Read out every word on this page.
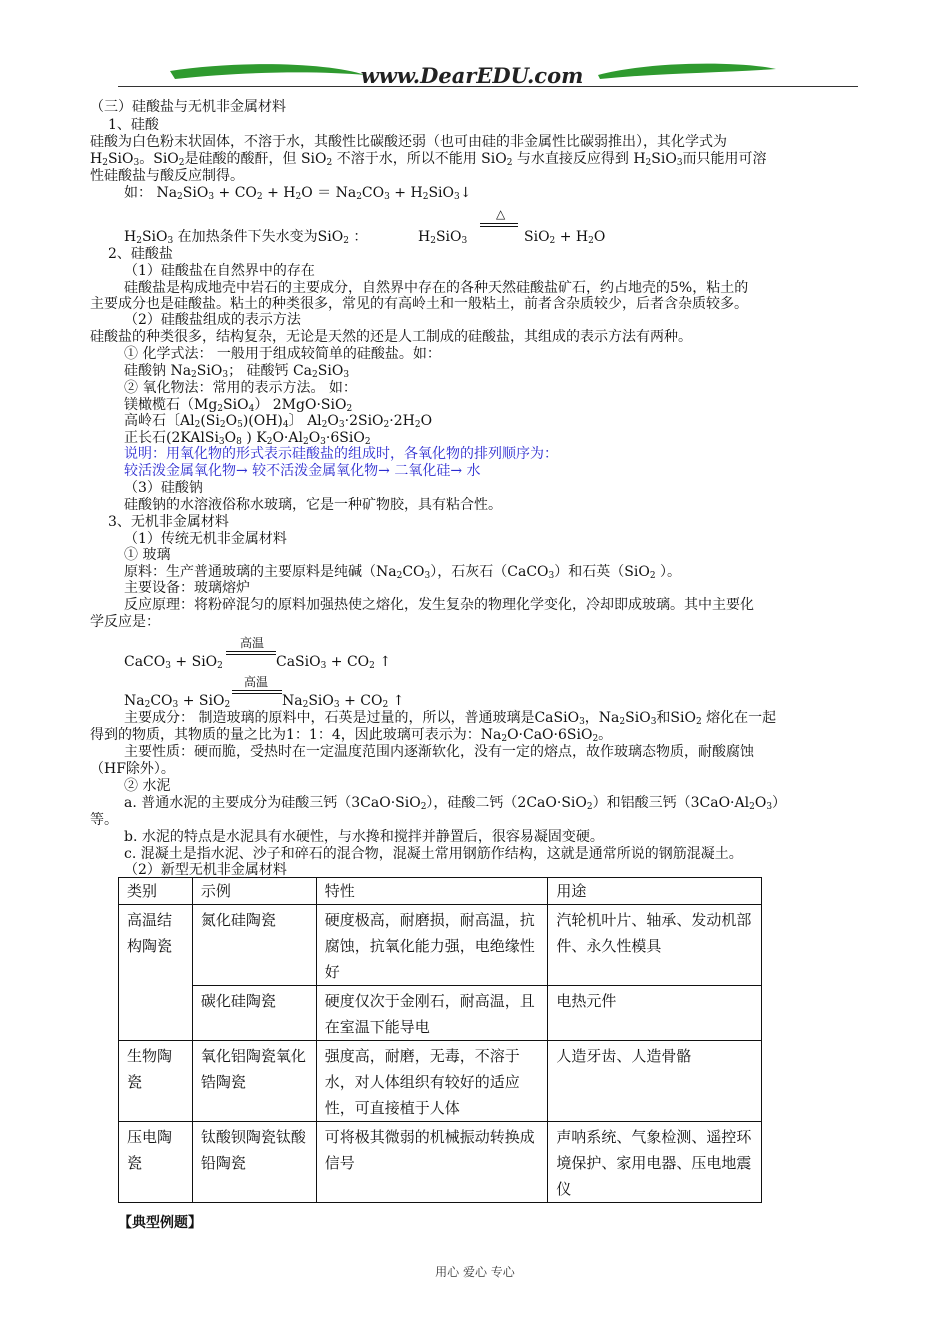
www.DearEDU.com
（三）硅酸盐与无机非金属材料
1、硅酸
硅酸为白色粉末状固体，不溶于水，其酸性比碳酸还弱（也可由硅的非金属性比碳弱推出），其化学式为
$H_2SiO_3$。SiO$_2$是硅酸的酸酐，但 SiO$_2$ 不溶于水，所以不能用 SiO$_2$ 与水直接反应得到 $H_2SiO_3$而只能用可溶
性硅酸盐与酸反应制得。
如： $Na_2SiO_3 + CO_2 + H_2O = Na_2CO_3$ + $H_2SiO_3↓$
△
$H_2SiO_3$ 在加热条件下失水变为SiO$_2$ ：	$H_2SiO_3$	$SiO_2 + H_2O$
2、硅酸盐
（1）硅酸盐在自然界中的存在
硅酸盐是构成地壳中岩石的主要成分，自然界中存在的各种天然硅酸盐矿石，约占地壳的5%，粘土的
主要成分也是硅酸盐。粘土的种类很多，常见的有高岭土和一般粘土，前者含杂质较少，后者含杂质较多。
（2）硅酸盐组成的表示方法
硅酸盐的种类很多，结构复杂，无论是天然的还是人工制成的硅酸盐，其组成的表示方法有两种。
① 化学式法： 一般用于组成较简单的硅酸盐。如：
硅酸钠 $Na_2SiO_3$； 硅酸钙 $Ca_2SiO_3$
② 氧化物法：常用的表示方法。 如：
镁橄榄石$(Mg_2SiO_4)$ 2MgO·SiO$_2$
高岭石〔$Al_2(Si_2O_5)(OH)_4$〕 $Al_2O_3\cdot 2SiO_2\cdot 2H_2O$
正长石($2KAlSi_3O_8$ ) $K_2O\cdot Al_2O_3\cdot 6SiO_2$
说明：用氧化物的形式表示硅酸盐的组成时，各氧化物的排列顺序为：
较活泼金属氧化物→ 较不活泼金属氧化物→ 二氧化硅→ 水
（3）硅酸钠
硅酸钠的水溶液俗称水玻璃，它是一种矿物胶，具有粘合性。
3、无机非金属材料
（1）传统无机非金属材料
① 玻璃
原料：生产普通玻璃的主要原料是纯碱$(Na_2CO_3)$，石灰石（CaCO$_3$）和石英（SiO$_2$ ）。
主要设备：玻璃熔炉
反应原理：将粉碎混匀的原料加强热使之熔化，发生复杂的物理化学变化，冷却即成玻璃。其中主要化
学反应是：
高温
CaCO$_3$ + SiO$_2$	CaSiO$_3$ + $CO_2$ ↑
高温
$Na_2CO_3 + SiO_2$	$Na_2SiO_3 + CO_2$ ↑
主要成分： 制造玻璃的原料中，石英是过量的，所以，普通玻璃是CaSiO$_3$，$Na_2SiO_3$和SiO$_2$ 熔化在一起
得到的物质，其物质的量之比为1：1：4，因此玻璃可表示为：$Na_2O\cdot CaO\cdot 6SiO_2$。
主要性质：硬而脆，受热时在一定温度范围内逐渐软化，没有一定的熔点，故作玻璃态物质，耐酸腐蚀
（HF除外）。
② 水泥
a. 普通水泥的主要成分为硅酸三钙（3CaO·SiO$_2$），硅酸二钙（2CaO·SiO$_2$）和铝酸三钙$(3CaO\cdot Al_2O_3)$
等。
b. 水泥的特点是水泥具有水硬性，与水搀和搅拌并静置后，很容易凝固变硬。
c. 混凝土是指水泥、沙子和碎石的混合物，混凝土常用钢筋作结构，这就是通常所说的钢筋混凝土。
（2）新型无机非金属材料
类别	示例	特性	用途
高温结构陶瓷	氮化硅陶瓷	硬度极高，耐磨损，耐高温，抗腐蚀，抗氧化能力强，电绝缘性好	汽轮机叶片、轴承、发动机部件、永久性模具
	碳化硅陶瓷	硬度仅次于金刚石，耐高温，且在室温下能导电	电热元件
生物陶瓷	氧化铝陶瓷氧化锆陶瓷	强度高，耐磨，无毒，不溶于水，对人体组织有较好的适应性，可直接植于人体	人造牙齿、人造骨骼
压电陶瓷	钛酸钡陶瓷钛酸铅陶瓷	可将极其微弱的机械振动转换成信号	声呐系统、气象检测、遥控环境保护、家用电器、压电地震仪
【典型例题】
用心 爱心 专心
